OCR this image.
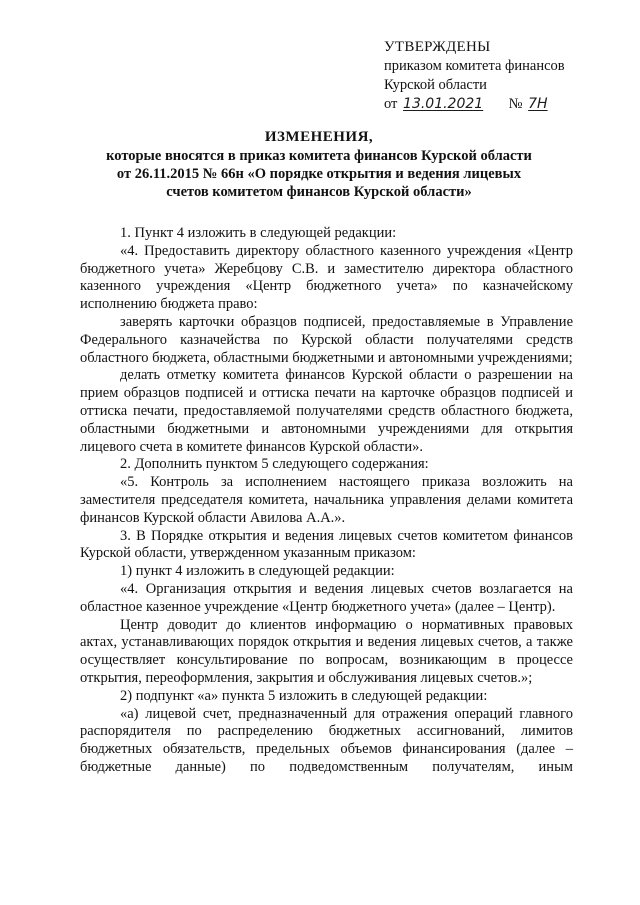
УТВЕРЖДЕНЫ
приказом комитета финансов
Курской области
от 13.01.2021 № 7Н
ИЗМЕНЕНИЯ,
которые вносятся в приказ комитета финансов Курской области
от 26.11.2015 № 66н «О порядке открытия и ведения лицевых
счетов комитетом финансов Курской области»

1. Пункт 4 изложить в следующей редакции:

«4. Предоставить директору областного казенного учреждения «Центр бюджетного учета» Жеребцову С.В. и заместителю директора областного казенного учреждения «Центр бюджетного учета» по казначейскому исполнению бюджета право:

заверять карточки образцов подписей, предоставляемые в Управление Федерального казначейства по Курской области получателями средств областного бюджета, областными бюджетными и автономными учреждениями;

делать отметку комитета финансов Курской области о разрешении на прием образцов подписей и оттиска печати на карточке образцов подписей и оттиска печати, предоставляемой получателями средств областного бюджета, областными бюджетными и автономными учреждениями для открытия лицевого счета в комитете финансов Курской области».

2. Дополнить пунктом 5 следующего содержания:

«5. Контроль за исполнением настоящего приказа возложить на заместителя председателя комитета, начальника управления делами комитета финансов Курской области Авилова А.А.».

3. В Порядке открытия и ведения лицевых счетов комитетом финансов Курской области, утвержденном указанным приказом:

1) пункт 4 изложить в следующей редакции:

«4. Организация открытия и ведения лицевых счетов возлагается на областное казенное учреждение «Центр бюджетного учета» (далее – Центр).

Центр доводит до клиентов информацию о нормативных правовых актах, устанавливающих порядок открытия и ведения лицевых счетов, а также осуществляет консультирование по вопросам, возникающим в процессе открытия, переоформления, закрытия и обслуживания лицевых счетов.»;

2) подпункт «а» пункта 5 изложить в следующей редакции:

«а) лицевой счет, предназначенный для отражения операций главного распорядителя по распределению бюджетных ассигнований, лимитов бюджетных обязательств, предельных объемов финансирования (далее – бюджетные данные) по подведомственным получателям, иным
